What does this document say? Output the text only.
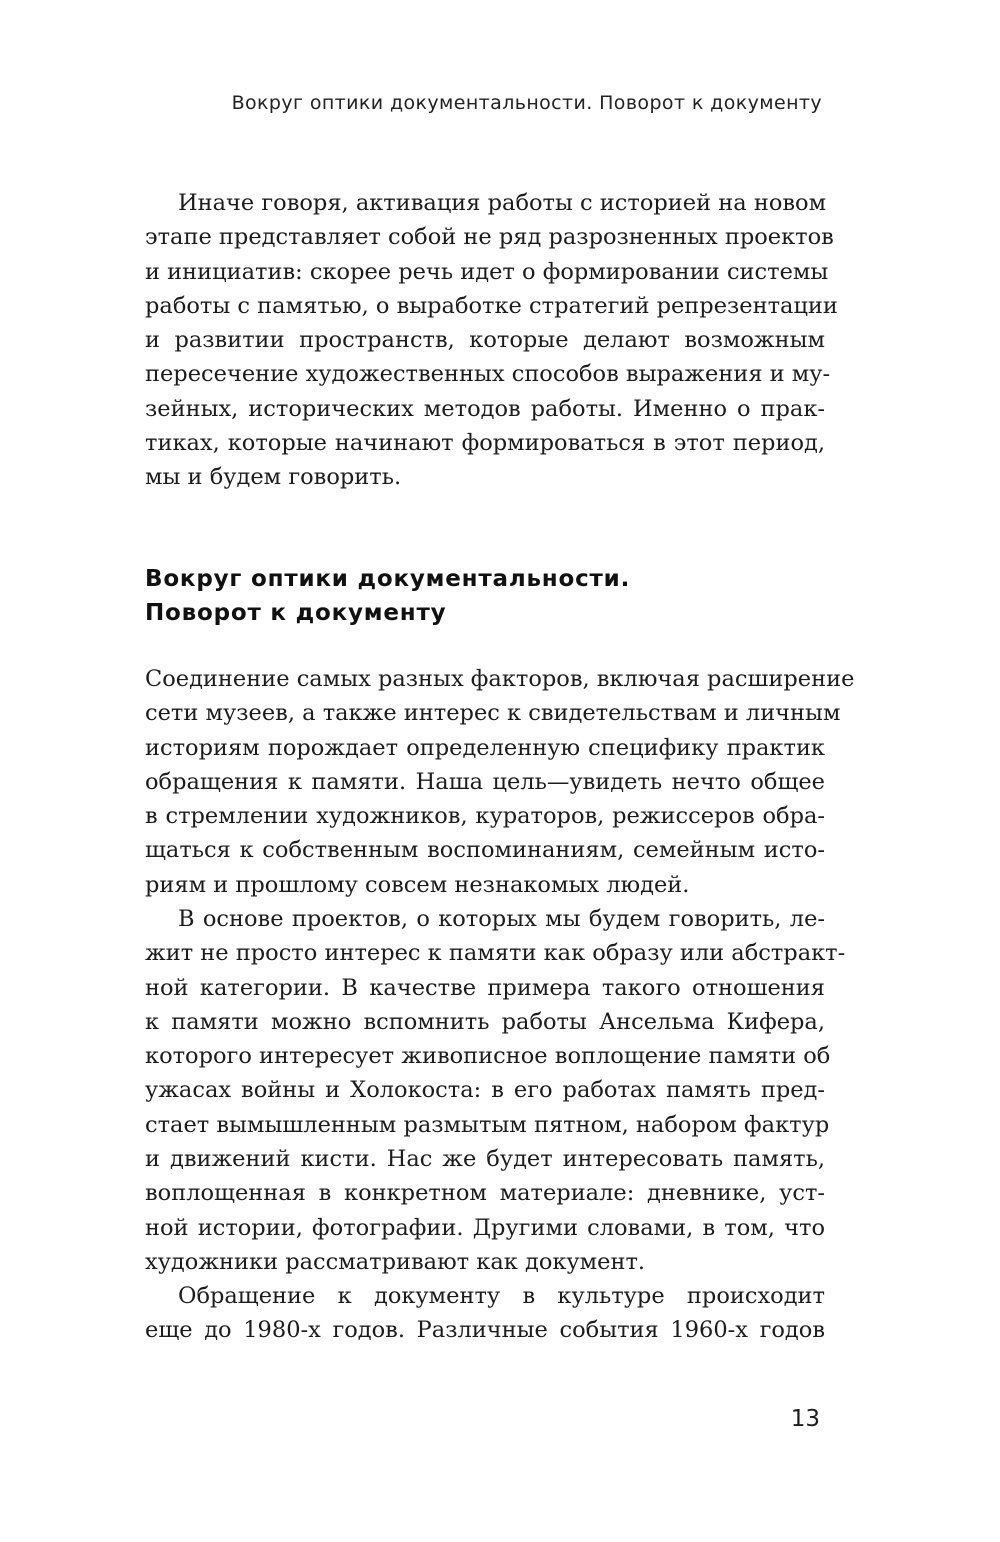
Вокруг оптики документальности. Поворот к документу
Иначе говоря, активация работы с историей на новом
этапе представляет собой не ряд разрозненных проектов
и инициатив: скорее речь идет о формировании системы
работы с памятью, о выработке стратегий репрезентации
и развитии пространств, которые делают возможным
пересечение художественных способов выражения и му-
зейных, исторических методов работы. Именно о прак-
тиках, которые начинают формироваться в этот период,
мы и будем говорить.
Вокруг оптики документальности.
Поворот к документу
Соединение самых разных факторов, включая расширение
сети музеев, а также интерес к свидетельствам и личным
историям порождает определенную специфику практик
обращения к памяти. Наша цель—увидеть нечто общее
в стремлении художников, кураторов, режиссеров обра-
щаться к собственным воспоминаниям, семейным исто-
риям и прошлому совсем незнакомых людей.
В основе проектов, о которых мы будем говорить, ле-
жит не просто интерес к памяти как образу или абстракт-
ной категории. В качестве примера такого отношения
к памяти можно вспомнить работы Ансельма Кифера,
которого интересует живописное воплощение памяти об
ужасах войны и Холокоста: в его работах память пред-
стает вымышленным размытым пятном, набором фактур
и движений кисти. Нас же будет интересовать память,
воплощенная в конкретном материале: дневнике, уст-
ной истории, фотографии. Другими словами, в том, что
художники рассматривают как документ.
Обращение к документу в культуре происходит
еще до 1980-х годов. Различные события 1960-х годов
13
